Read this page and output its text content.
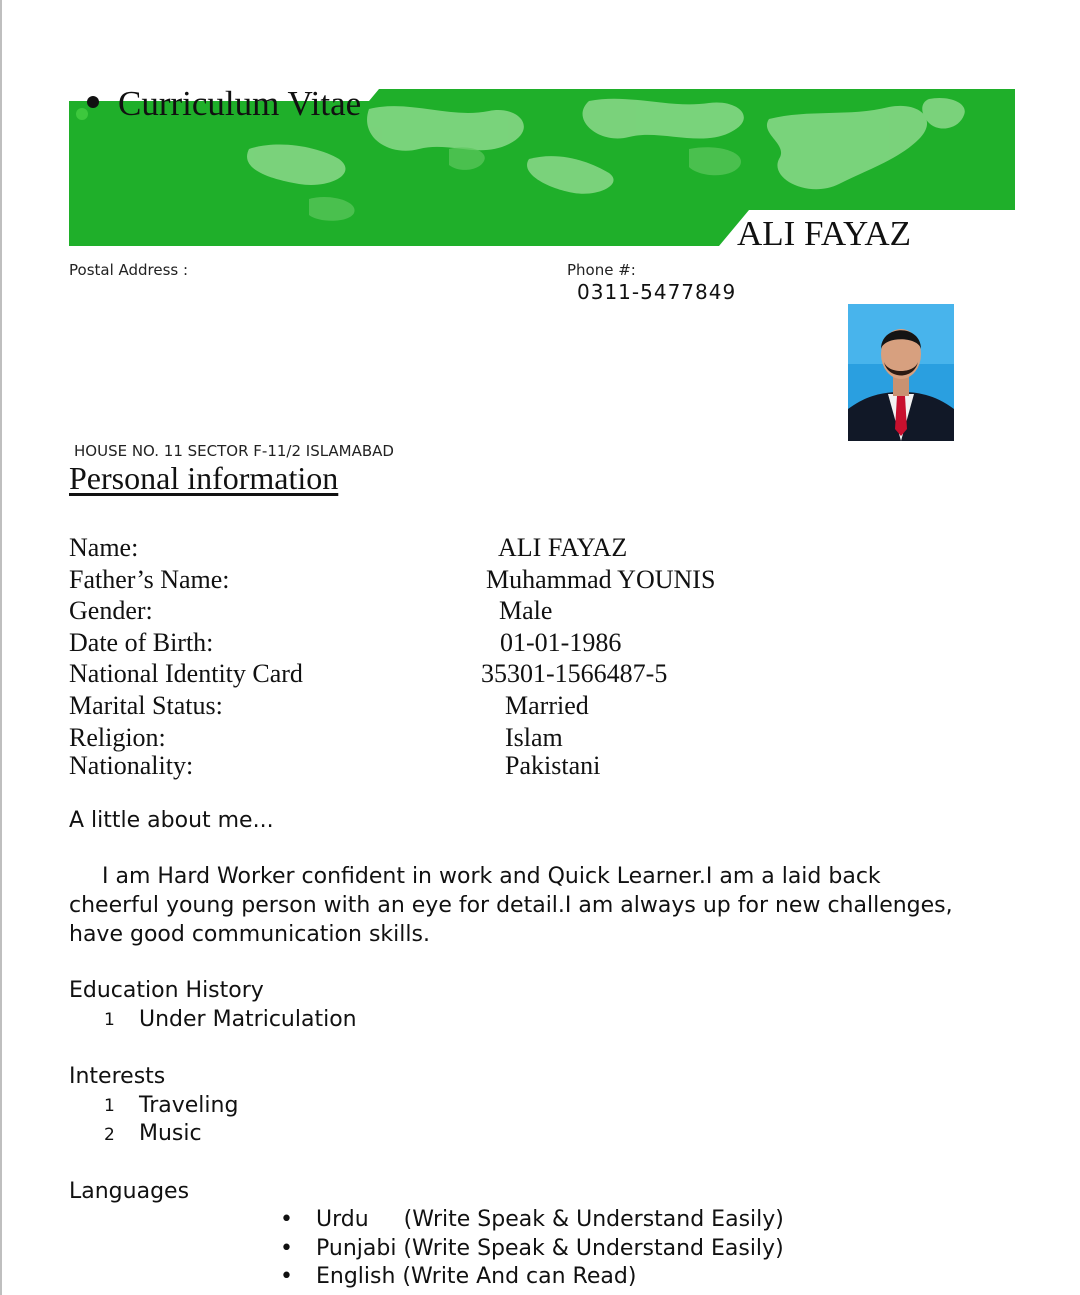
Curriculum Vitae
ALI FAYAZ
Postal Address :	Phone #:
0311-5477849
HOUSE NO. 11 SECTOR F-11/2 ISLAMABAD
Personal information
Name:	ALI FAYAZ
Father’s Name:	Muhammad YOUNIS
Gender:	Male
Date of Birth:	01-01-1986
National Identity Card	35301-1566487-5
Marital Status:	Married
Religion:	Islam
Nationality:	Pakistani
A little about me...
I am Hard Worker confident in work and Quick Learner.I am a laid back cheerful young person with an eye for detail.I am always up for new challenges, have good communication skills.
Education History
1 Under Matriculation
Interests
1 Traveling
2 Music
Languages
• Urdu     (Write Speak & Understand Easily)
• Punjabi (Write Speak & Understand Easily)
• English (Write And can Read)
